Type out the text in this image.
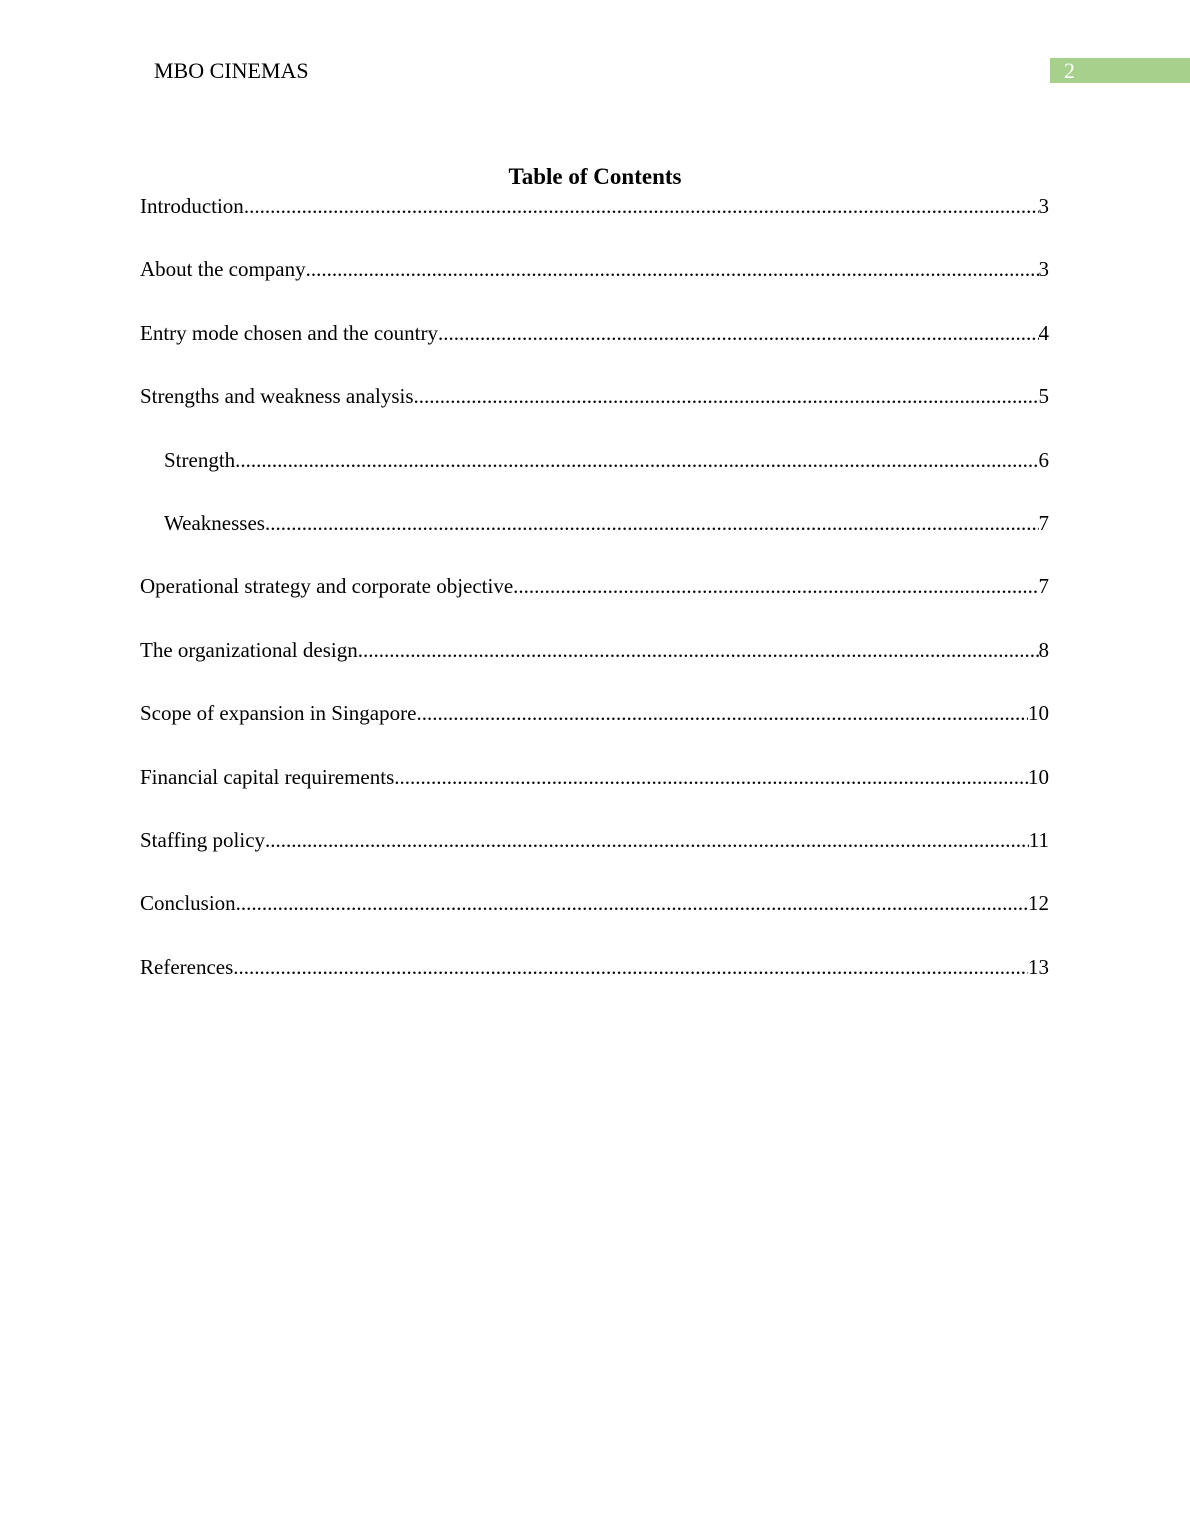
MBO CINEMAS	2
Table of Contents
Introduction .....	3
About the company .....	3
Entry mode chosen and the country .....	4
Strengths and weakness analysis .....	5
Strength .....	6
Weaknesses .....	7
Operational strategy and corporate objective .....	7
The organizational design .....	8
Scope of expansion in Singapore .....	10
Financial capital requirements .....	10
Staffing policy .....	11
Conclusion .....	12
References .....	13
